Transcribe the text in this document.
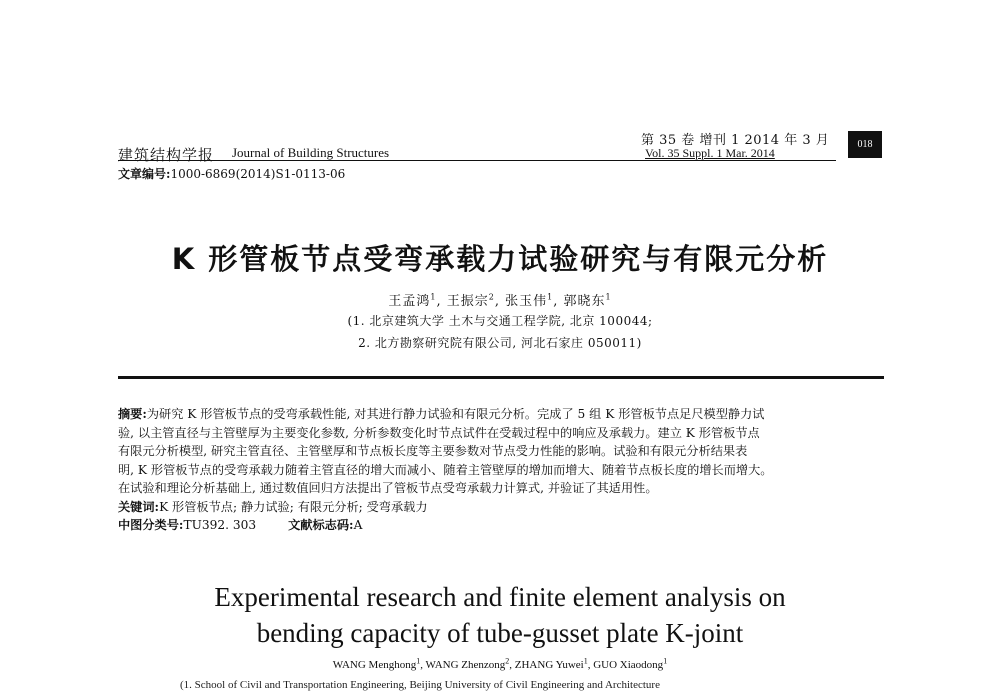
建筑结构学报 Journal of Building Structures
第 35 卷 增刊 1 2014 年 3 月
Vol. 35 Suppl. 1 Mar. 2014
018
文章编号:1000-6869(2014)S1-0113-06
K 形管板节点受弯承载力试验研究与有限元分析
王孟鸿$^1$, 王振宗$^2$, 张玉伟$^1$, 郭晓东$^1$
(1. 北京建筑大学 土木与交通工程学院, 北京 100044;
2. 北方勘察研究院有限公司, 河北石家庄 050011)
摘要:为研究 K 形管板节点的受弯承载性能, 对其进行静力试验和有限元分析。完成了 5 组 K 形管板节点足尺模型静力试
验, 以主管直径与主管壁厚为主要变化参数, 分析参数变化时节点试件在受载过程中的响应及承载力。建立 K 形管板节点
有限元分析模型, 研究主管直径、主管壁厚和节点板长度等主要参数对节点受力性能的影响。试验和有限元分析结果表
明, K 形管板节点的受弯承载力随着主管直径的增大而减小、随着主管壁厚的增加而增大、随着节点板长度的增长而增大。
在试验和理论分析基础上, 通过数值回归方法提出了管板节点受弯承载力计算式, 并验证了其适用性。
关键词:K 形管板节点; 静力试验; 有限元分析; 受弯承载力
中图分类号:TU392. 303	文献标志码:A
Experimental research and finite element analysis on
bending capacity of tube-gusset plate K-joint
WANG Menghong$^1$, WANG Zhenzong$^2$, ZHANG Yuwei$^1$, GUO Xiaodong$^1$
(1. School of Civil and Transportation Engineering, Beijing University of Civil Engineering and Architecture
